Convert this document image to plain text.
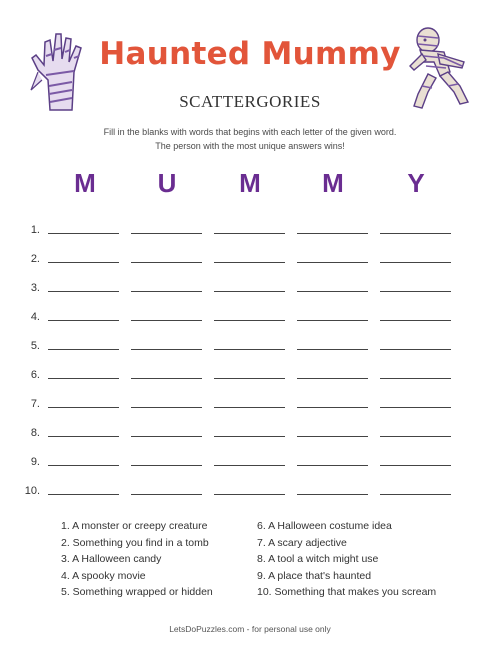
Haunted Mummy
SCATTERGORIES
Fill in the blanks with words that begins with each letter of the given word.
The person with the most unique answers wins!
M	U	M	M	Y
1.
2.
3.
4.
5.
6.
7.
8.
9.
10.
1. A monster or creepy creature
2. Something you find in a tomb
3. A Halloween candy
4. A spooky movie
5. Something wrapped or hidden
6. A Halloween costume idea
7. A scary adjective
8. A tool a witch might use
9. A place that's haunted
10. Something that makes you scream
LetsDoPuzzles.com - for personal use only
